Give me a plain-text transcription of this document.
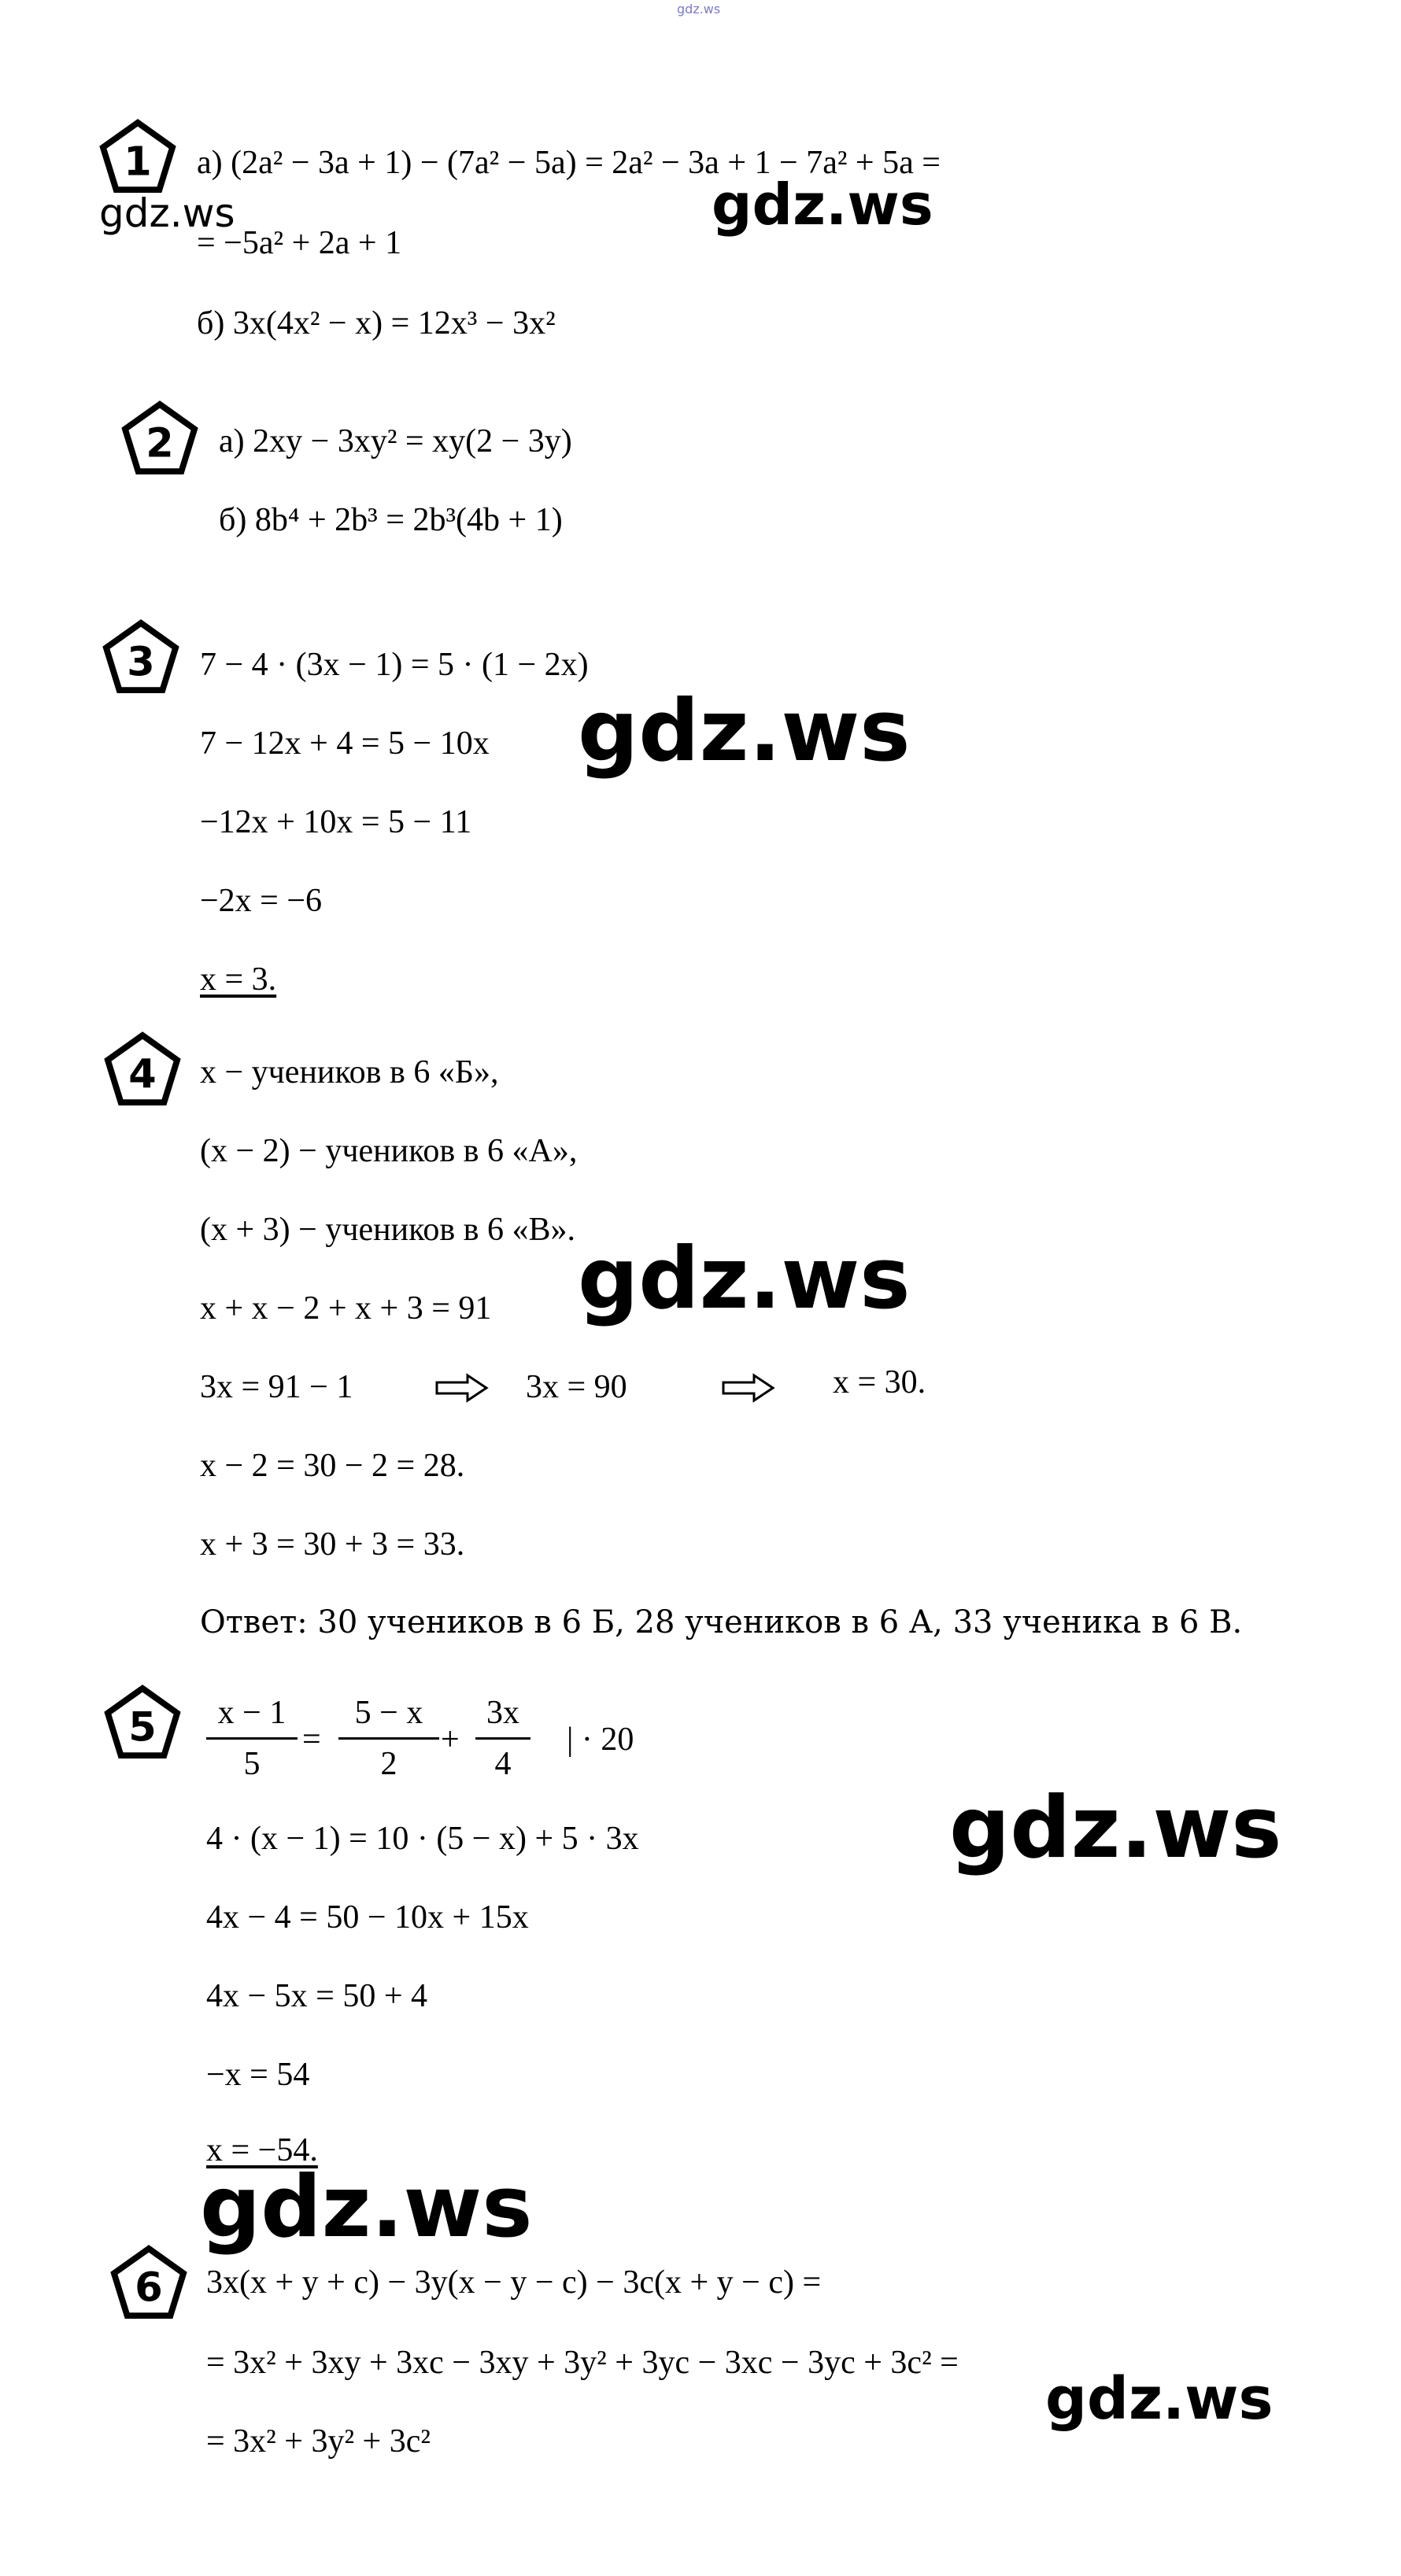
gdz.ws
1 а) (2a² − 3a + 1) − (7a² − 5a) = 2a² − 3a + 1 − 7a² + 5a =
= −5a² + 2a + 1
б) 3x(4x² − x) = 12x³ − 3x²
2 а) 2xy − 3xy² = xy(2 − 3y)
б) 8b⁴ + 2b³ = 2b³(4b + 1)
3 7 − 4 · (3x − 1) = 5 · (1 − 2x)
7 − 12x + 4 = 5 − 10x
−12x + 10x = 5 − 11
−2x = −6
x = 3.
4 x − учеников в 6 «Б»,
(x − 2) − учеников в 6 «А»,
(x + 3) − учеников в 6 «В».
x + x − 2 + x + 3 = 91
3x = 91 − 1	3x = 90	x = 30.
x − 2 = 30 − 2 = 28.
x + 3 = 30 + 3 = 33.
Ответ: 30 учеников в 6 Б, 28 учеников в 6 А, 33 ученика в 6 В.
5 x − 1
5
=
5 − x
2
+
3x
4
| · 20
4 · (x − 1) = 10 · (5 − x) + 5 · 3x
4x − 4 = 50 − 10x + 15x
4x − 5x = 50 + 4
−x = 54
x = −54.
6 3x(x + y + c) − 3y(x − y − c) − 3c(x + y − c) =
= 3x² + 3xy + 3xc − 3xy + 3y² + 3yc − 3xc − 3yc + 3c² =
= 3x² + 3y² + 3c²
gdz.ws	gdz.ws
gdz.ws
gdz.ws
gdz.ws
gdz.ws
gdz.ws
